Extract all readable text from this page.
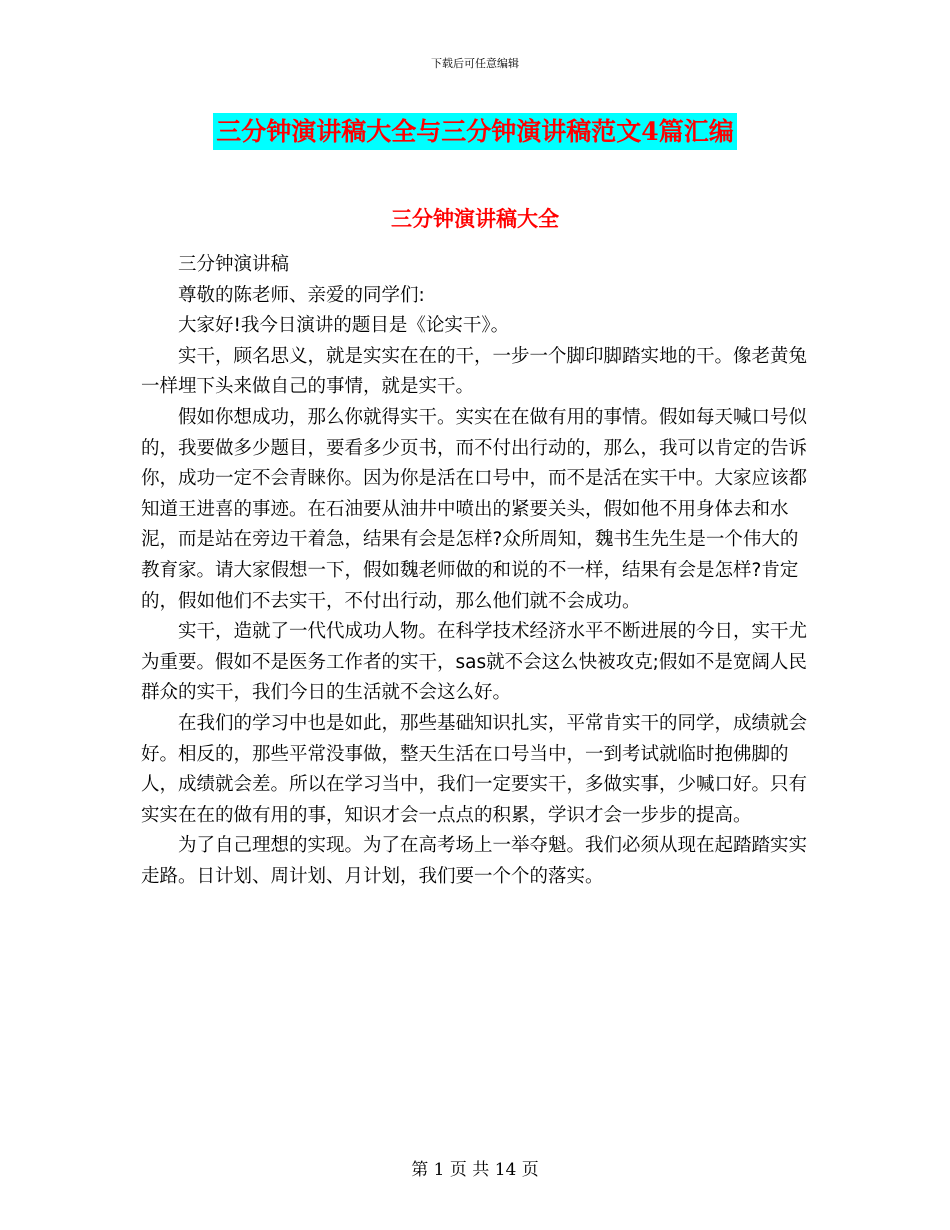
下载后可任意编辑
三分钟演讲稿大全与三分钟演讲稿范文4篇汇编
三分钟演讲稿大全

三分钟演讲稿

尊敬的陈老师、亲爱的同学们:

大家好!我今日演讲的题目是《论实干》。

实干，顾名思义，就是实实在在的干，一步一个脚印脚踏实地的干。像老黄兔一样埋下头来做自己的事情，就是实干。

假如你想成功，那么你就得实干。实实在在做有用的事情。假如每天喊口号似的，我要做多少题目，要看多少页书，而不付出行动的，那么，我可以肯定的告诉你，成功一定不会青睐你。因为你是活在口号中，而不是活在实干中。大家应该都知道王进喜的事迹。在石油要从油井中喷出的紧要关头，假如他不用身体去和水泥，而是站在旁边干着急，结果有会是怎样?众所周知，魏书生先生是一个伟大的教育家。请大家假想一下，假如魏老师做的和说的不一样，结果有会是怎样?肯定的，假如他们不去实干，不付出行动，那么他们就不会成功。

实干，造就了一代代成功人物。在科学技术经济水平不断进展的今日，实干尤为重要。假如不是医务工作者的实干，sas就不会这么快被攻克;假如不是宽阔人民群众的实干，我们今日的生活就不会这么好。

在我们的学习中也是如此，那些基础知识扎实，平常肯实干的同学，成绩就会好。相反的，那些平常没事做，整天生活在口号当中，一到考试就临时抱佛脚的人，成绩就会差。所以在学习当中，我们一定要实干，多做实事，少喊口好。只有实实在在的做有用的事，知识才会一点点的积累，学识才会一步步的提高。

为了自己理想的实现。为了在高考场上一举夺魁。我们必须从现在起踏踏实实走路。日计划、周计划、月计划，我们要一个个的落实。

第 1 页 共 14 页
